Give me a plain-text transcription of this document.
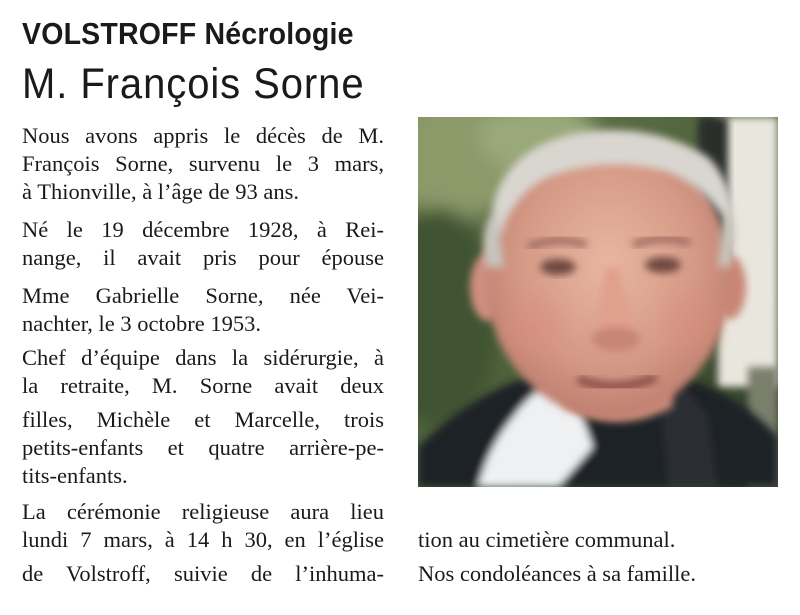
VOLSTROFF Nécrologie
M. François Sorne
Nous avons appris le décès de M.
François Sorne, survenu le 3 mars,
à Thionville, à l’âge de 93 ans.
Né le 19 décembre 1928, à Rei-
nange, il avait pris pour épouse
Mme Gabrielle Sorne, née Vei-
nachter, le 3 octobre 1953.
Chef d’équipe dans la sidérurgie, à
la retraite, M. Sorne avait deux
filles, Michèle et Marcelle, trois
petits-enfants et quatre arrière-pe-
tits-enfants.
La cérémonie religieuse aura lieu
lundi 7 mars, à 14 h 30, en l’église
de Volstroff, suivie de l’inhuma-
tion au cimetière communal.
Nos condoléances à sa famille.
